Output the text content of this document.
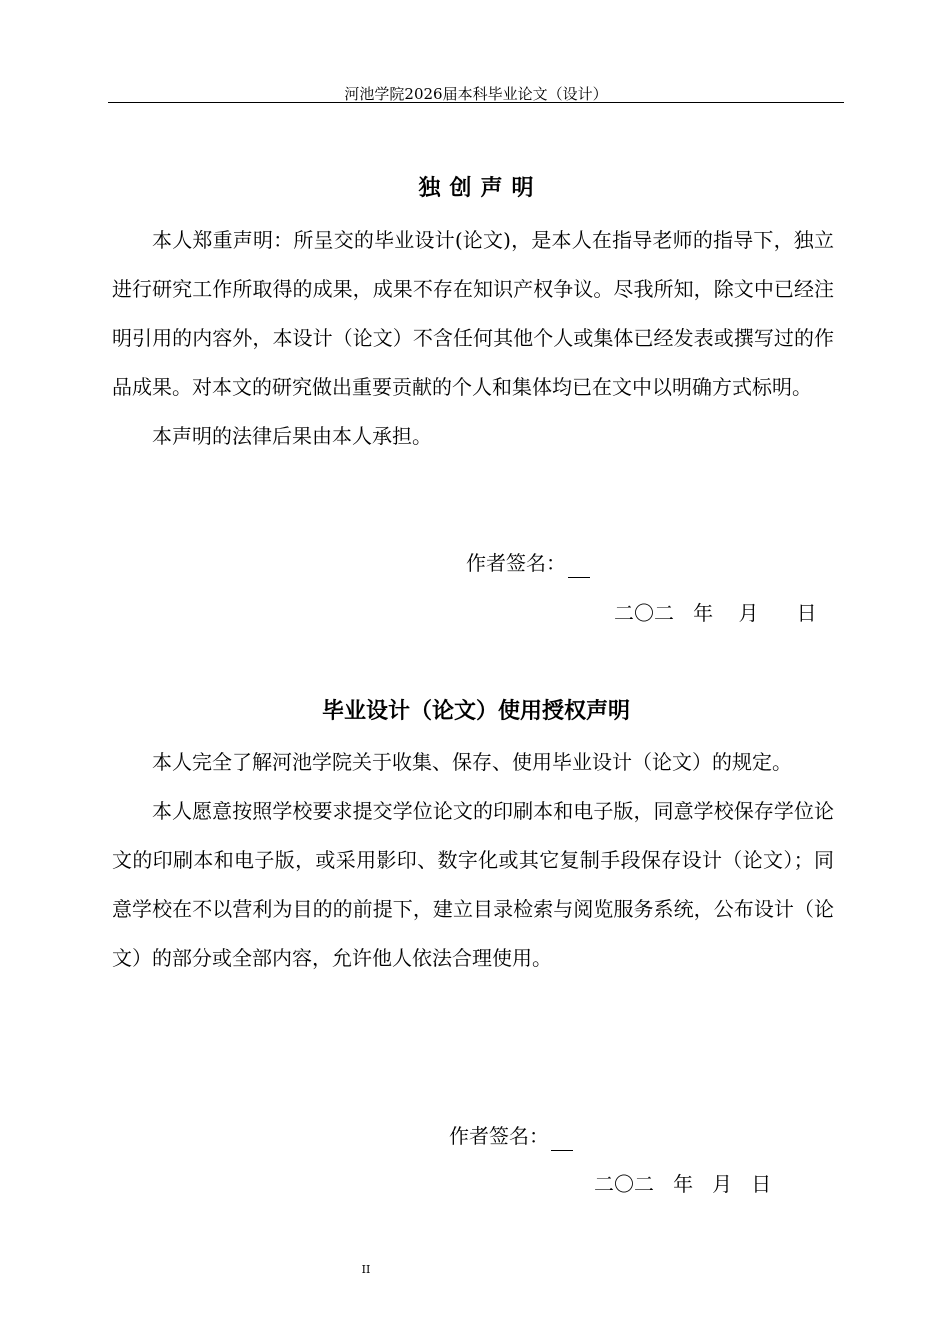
河池学院2026届本科毕业论文（设计）
独创声明

本人郑重声明：所呈交的毕业设计(论文)，是本人在指导老师的指导下，独立进行研究工作所取得的成果，成果不存在知识产权争议。尽我所知，除文中已经注明引用的内容外，本设计（论文）不含任何其他个人或集体已经发表或撰写过的作品成果。对本文的研究做出重要贡献的个人和集体均已在文中以明确方式标明。

本声明的法律后果由本人承担。

作者签名：
二〇二   年    月      日
毕业设计（论文）使用授权声明

本人完全了解河池学院关于收集、保存、使用毕业设计（论文）的规定。

本人愿意按照学校要求提交学位论文的印刷本和电子版，同意学校保存学位论文的印刷本和电子版，或采用影印、数字化或其它复制手段保存设计（论文）；同意学校在不以营利为目的的前提下，建立目录检索与阅览服务系统，公布设计（论文）的部分或全部内容，允许他人依法合理使用。

作者签名：
二〇二   年   月   日
II
